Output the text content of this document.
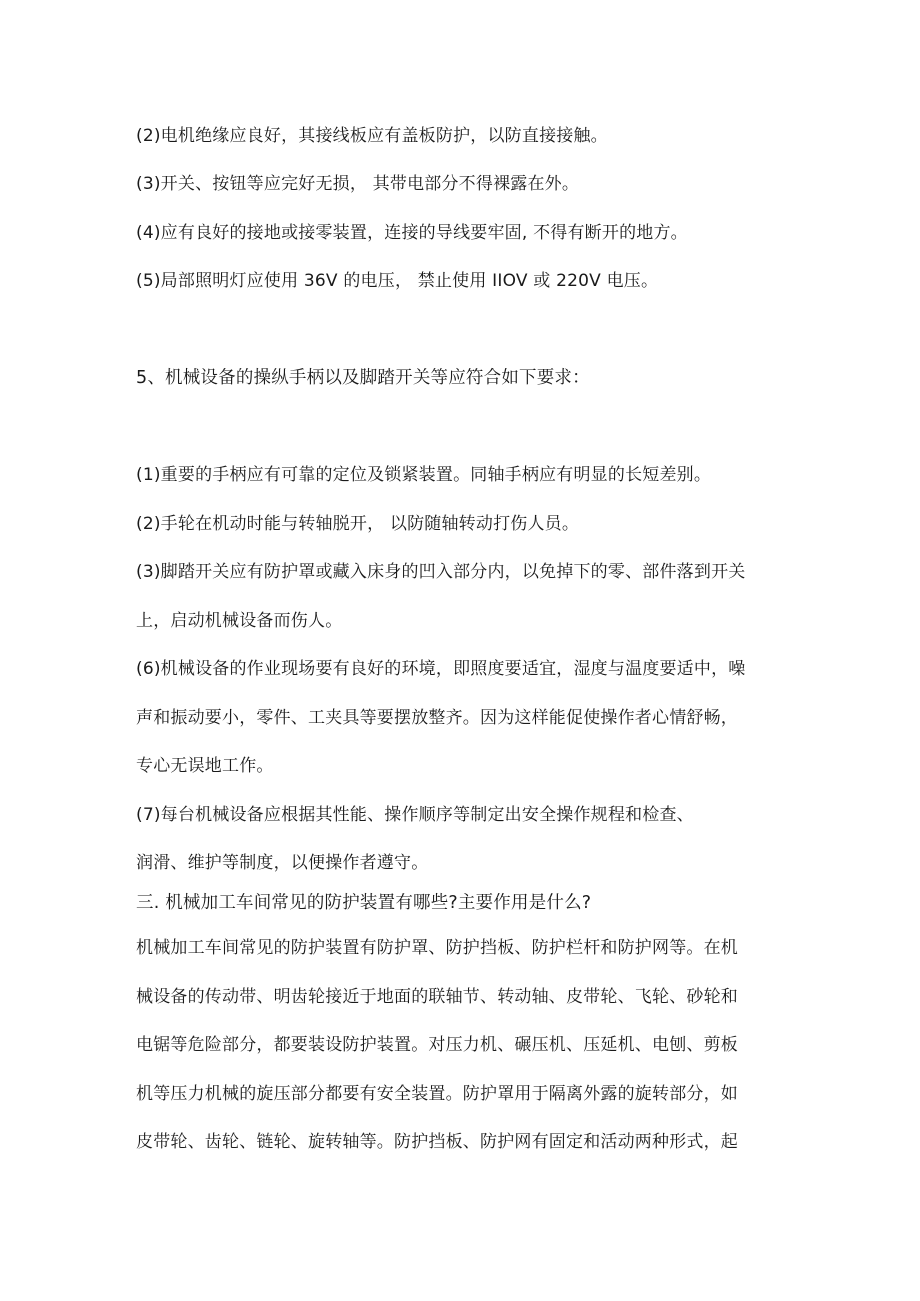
(2)电机绝缘应良好，其接线板应有盖板防护，以防直接接触。
(3)开关、按钮等应完好无损， 其带电部分不得裸露在外。
(4)应有良好的接地或接零装置，连接的导线要牢固, 不得有断开的地方。
(5)局部照明灯应使用 36V 的电压， 禁止使用 IIOV 或 220V 电压。
5、机械设备的操纵手柄以及脚踏开关等应符合如下要求：
(1)重要的手柄应有可靠的定位及锁紧装置。同轴手柄应有明显的长短差别。
(2)手轮在机动时能与转轴脱开， 以防随轴转动打伤人员。
(3)脚踏开关应有防护罩或藏入床身的凹入部分内，以免掉下的零、部件落到开关
上，启动机械设备而伤人。
(6)机械设备的作业现场要有良好的环境，即照度要适宜，湿度与温度要适中，噪
声和振动要小，零件、工夹具等要摆放整齐。因为这样能促使操作者心情舒畅，
专心无误地工作。
(7)每台机械设备应根据其性能、操作顺序等制定出安全操作规程和检查、
润滑、维护等制度，以便操作者遵守。
三. 机械加工车间常见的防护装置有哪些?主要作用是什么?
机械加工车间常见的防护装置有防护罩、防护挡板、防护栏杆和防护网等。在机
械设备的传动带、明齿轮接近于地面的联轴节、转动轴、皮带轮、飞轮、砂轮和
电锯等危险部分，都要装设防护装置。对压力机、碾压机、压延机、电刨、剪板
机等压力机械的旋压部分都要有安全装置。防护罩用于隔离外露的旋转部分，如
皮带轮、齿轮、链轮、旋转轴等。防护挡板、防护网有固定和活动两种形式，起
